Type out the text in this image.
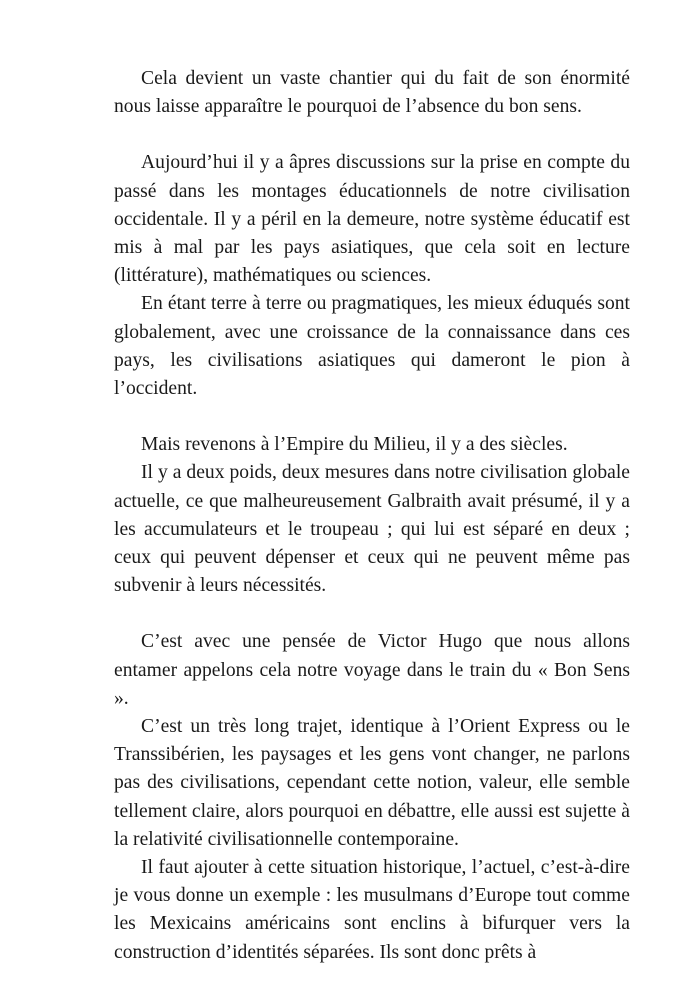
Cela devient un vaste chantier qui du fait de son énormité nous laisse apparaître le pourquoi de l’absence du bon sens.

Aujourd’hui il y a âpres discussions sur la prise en compte du passé dans les montages éducationnels de notre civilisation occidentale. Il y a péril en la demeure, notre système éducatif est mis à mal par les pays asiatiques, que cela soit en lecture (littérature), mathématiques ou sciences.

En étant terre à terre ou pragmatiques, les mieux éduqués sont globalement, avec une croissance de la connaissance dans ces pays, les civilisations asiatiques qui dameront le pion à l’occident.

Mais revenons à l’Empire du Milieu, il y a des siècles.

Il y a deux poids, deux mesures dans notre civilisation globale actuelle, ce que malheureusement Galbraith avait présumé, il y a les accumulateurs et le troupeau ; qui lui est séparé en deux ; ceux qui peuvent dépenser et ceux qui ne peuvent même pas subvenir à leurs nécessités.

C’est avec une pensée de Victor Hugo que nous allons entamer appelons cela notre voyage dans le train du « Bon Sens ».

C’est un très long trajet, identique à l’Orient Express ou le Transsibérien, les paysages et les gens vont changer, ne parlons pas des civilisations, cependant cette notion, valeur, elle semble tellement claire, alors pourquoi en débattre, elle aussi est sujette à la relativité civilisationnelle contemporaine.

Il faut ajouter à cette situation historique, l’actuel, c’est-à-dire je vous donne un exemple : les musulmans d’Europe tout comme les Mexicains américains sont enclins à bifurquer vers la construction d’identités séparées. Ils sont donc prêts à
